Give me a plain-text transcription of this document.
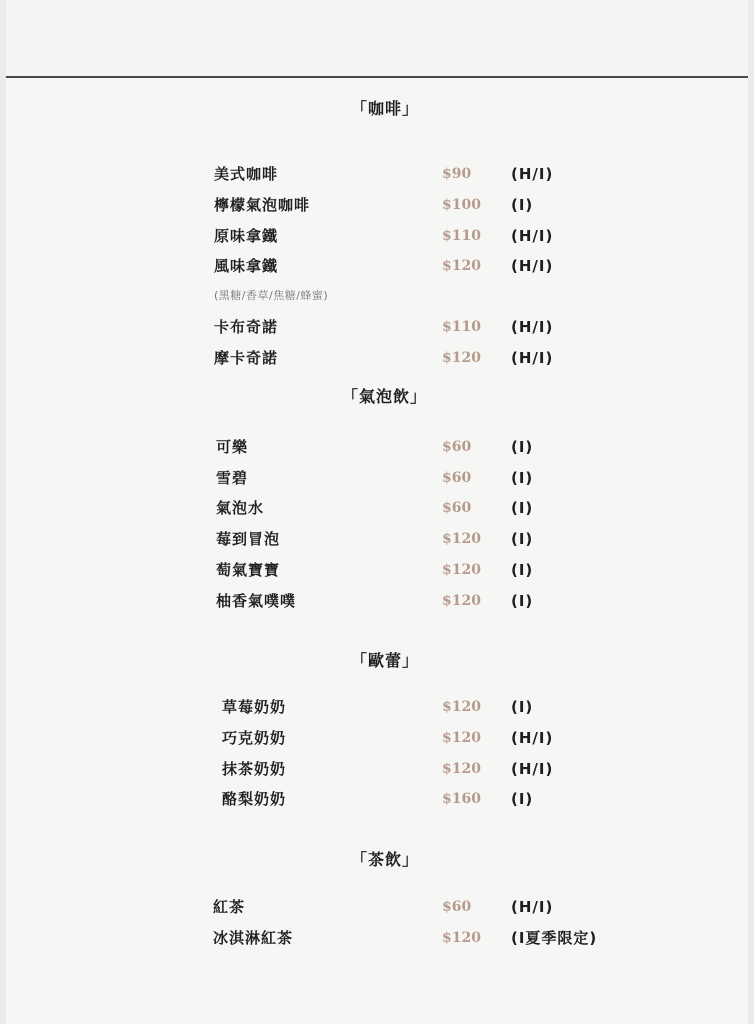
「咖啡」
美式咖啡	$90	(H/I)
檸檬氣泡咖啡	$100 (I)
原味拿鐵	$110 (H/I)
風味拿鐵	$120 (H/I)
(黑糖/香草/焦糖/蜂蜜)
卡布奇諾	$110 (H/I)
摩卡奇諾	$120 (H/I)
「氣泡飲」
可樂	$60	(I)
雪碧	$60	(I)
氣泡水	$60	(I)
莓到冒泡	$120 (I)
萄氣寶寶	$120 (I)
柚香氣噗噗	$120 (I)
「歐蕾」
草莓奶奶	$120 (I)
巧克奶奶	$120 (H/I)
抹茶奶奶	$120 (H/I)
酪梨奶奶	$160 (I)
「茶飲」
紅茶	$60	(H/I)
冰淇淋紅茶	$120 (I夏季限定)
